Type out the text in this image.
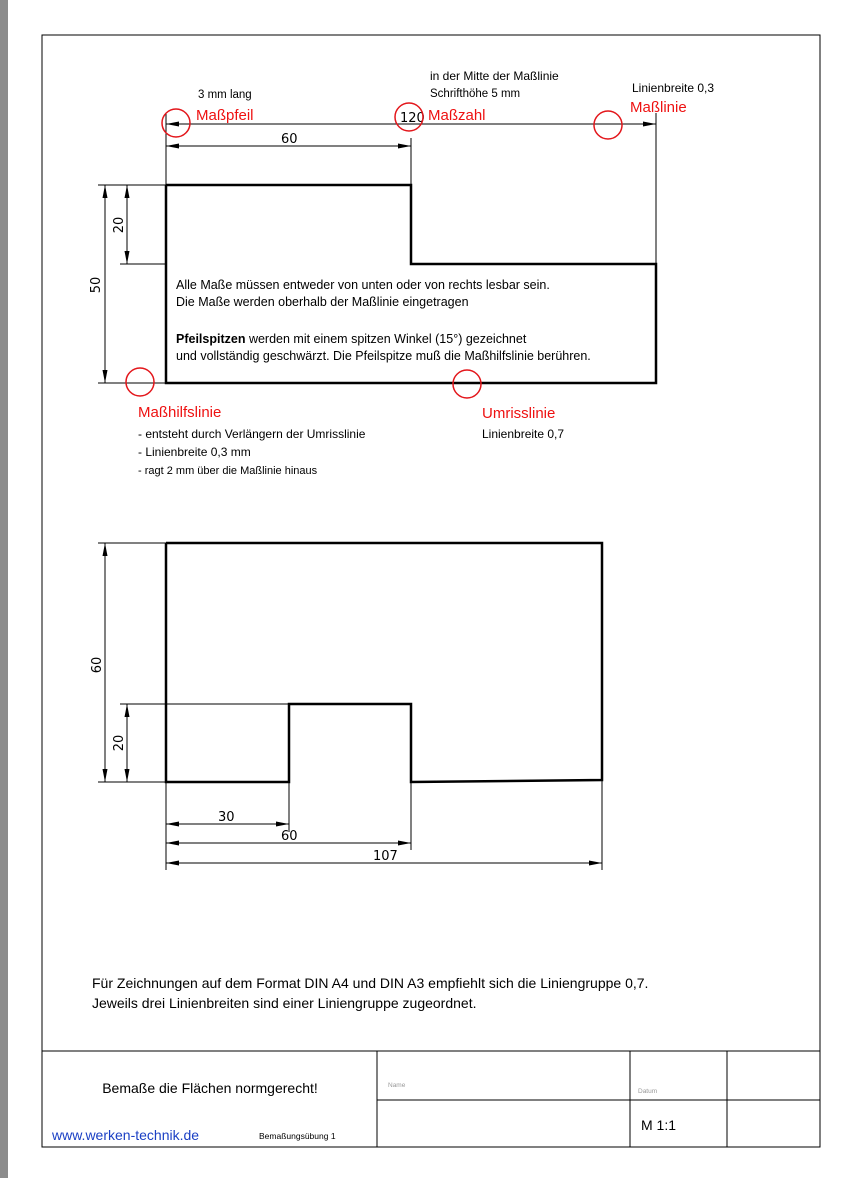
120
60
20
50
3 mm lang
Maßpfeil
in der Mitte der Maßlinie
Schrifthöhe 5 mm
Maßzahl
Linienbreite 0,3
Maßlinie
Alle Maße müssen entweder von unten oder von rechts lesbar sein.
Die Maße werden oberhalb der Maßlinie eingetragen
Pfeilspitzen werden mit einem spitzen Winkel (15°) gezeichnet
und vollständig geschwärzt. Die Pfeilspitze muß die Maßhilfslinie berühren.
Maßhilfslinie
- entsteht durch Verlängern der Umrisslinie
- Linienbreite 0,3 mm
- ragt 2 mm über die Maßlinie hinaus
Umrisslinie
Linienbreite 0,7
60
20
30
60
107
Für Zeichnungen auf dem Format DIN A4 und DIN A3 empfiehlt sich die Liniengruppe 0,7.
Jeweils drei Linienbreiten sind einer Liniengruppe zugeordnet.
Bemaße die Flächen normgerecht!
www.werken-technik.de	Bemaßungsübung 1
Name
Datum
M 1:1
